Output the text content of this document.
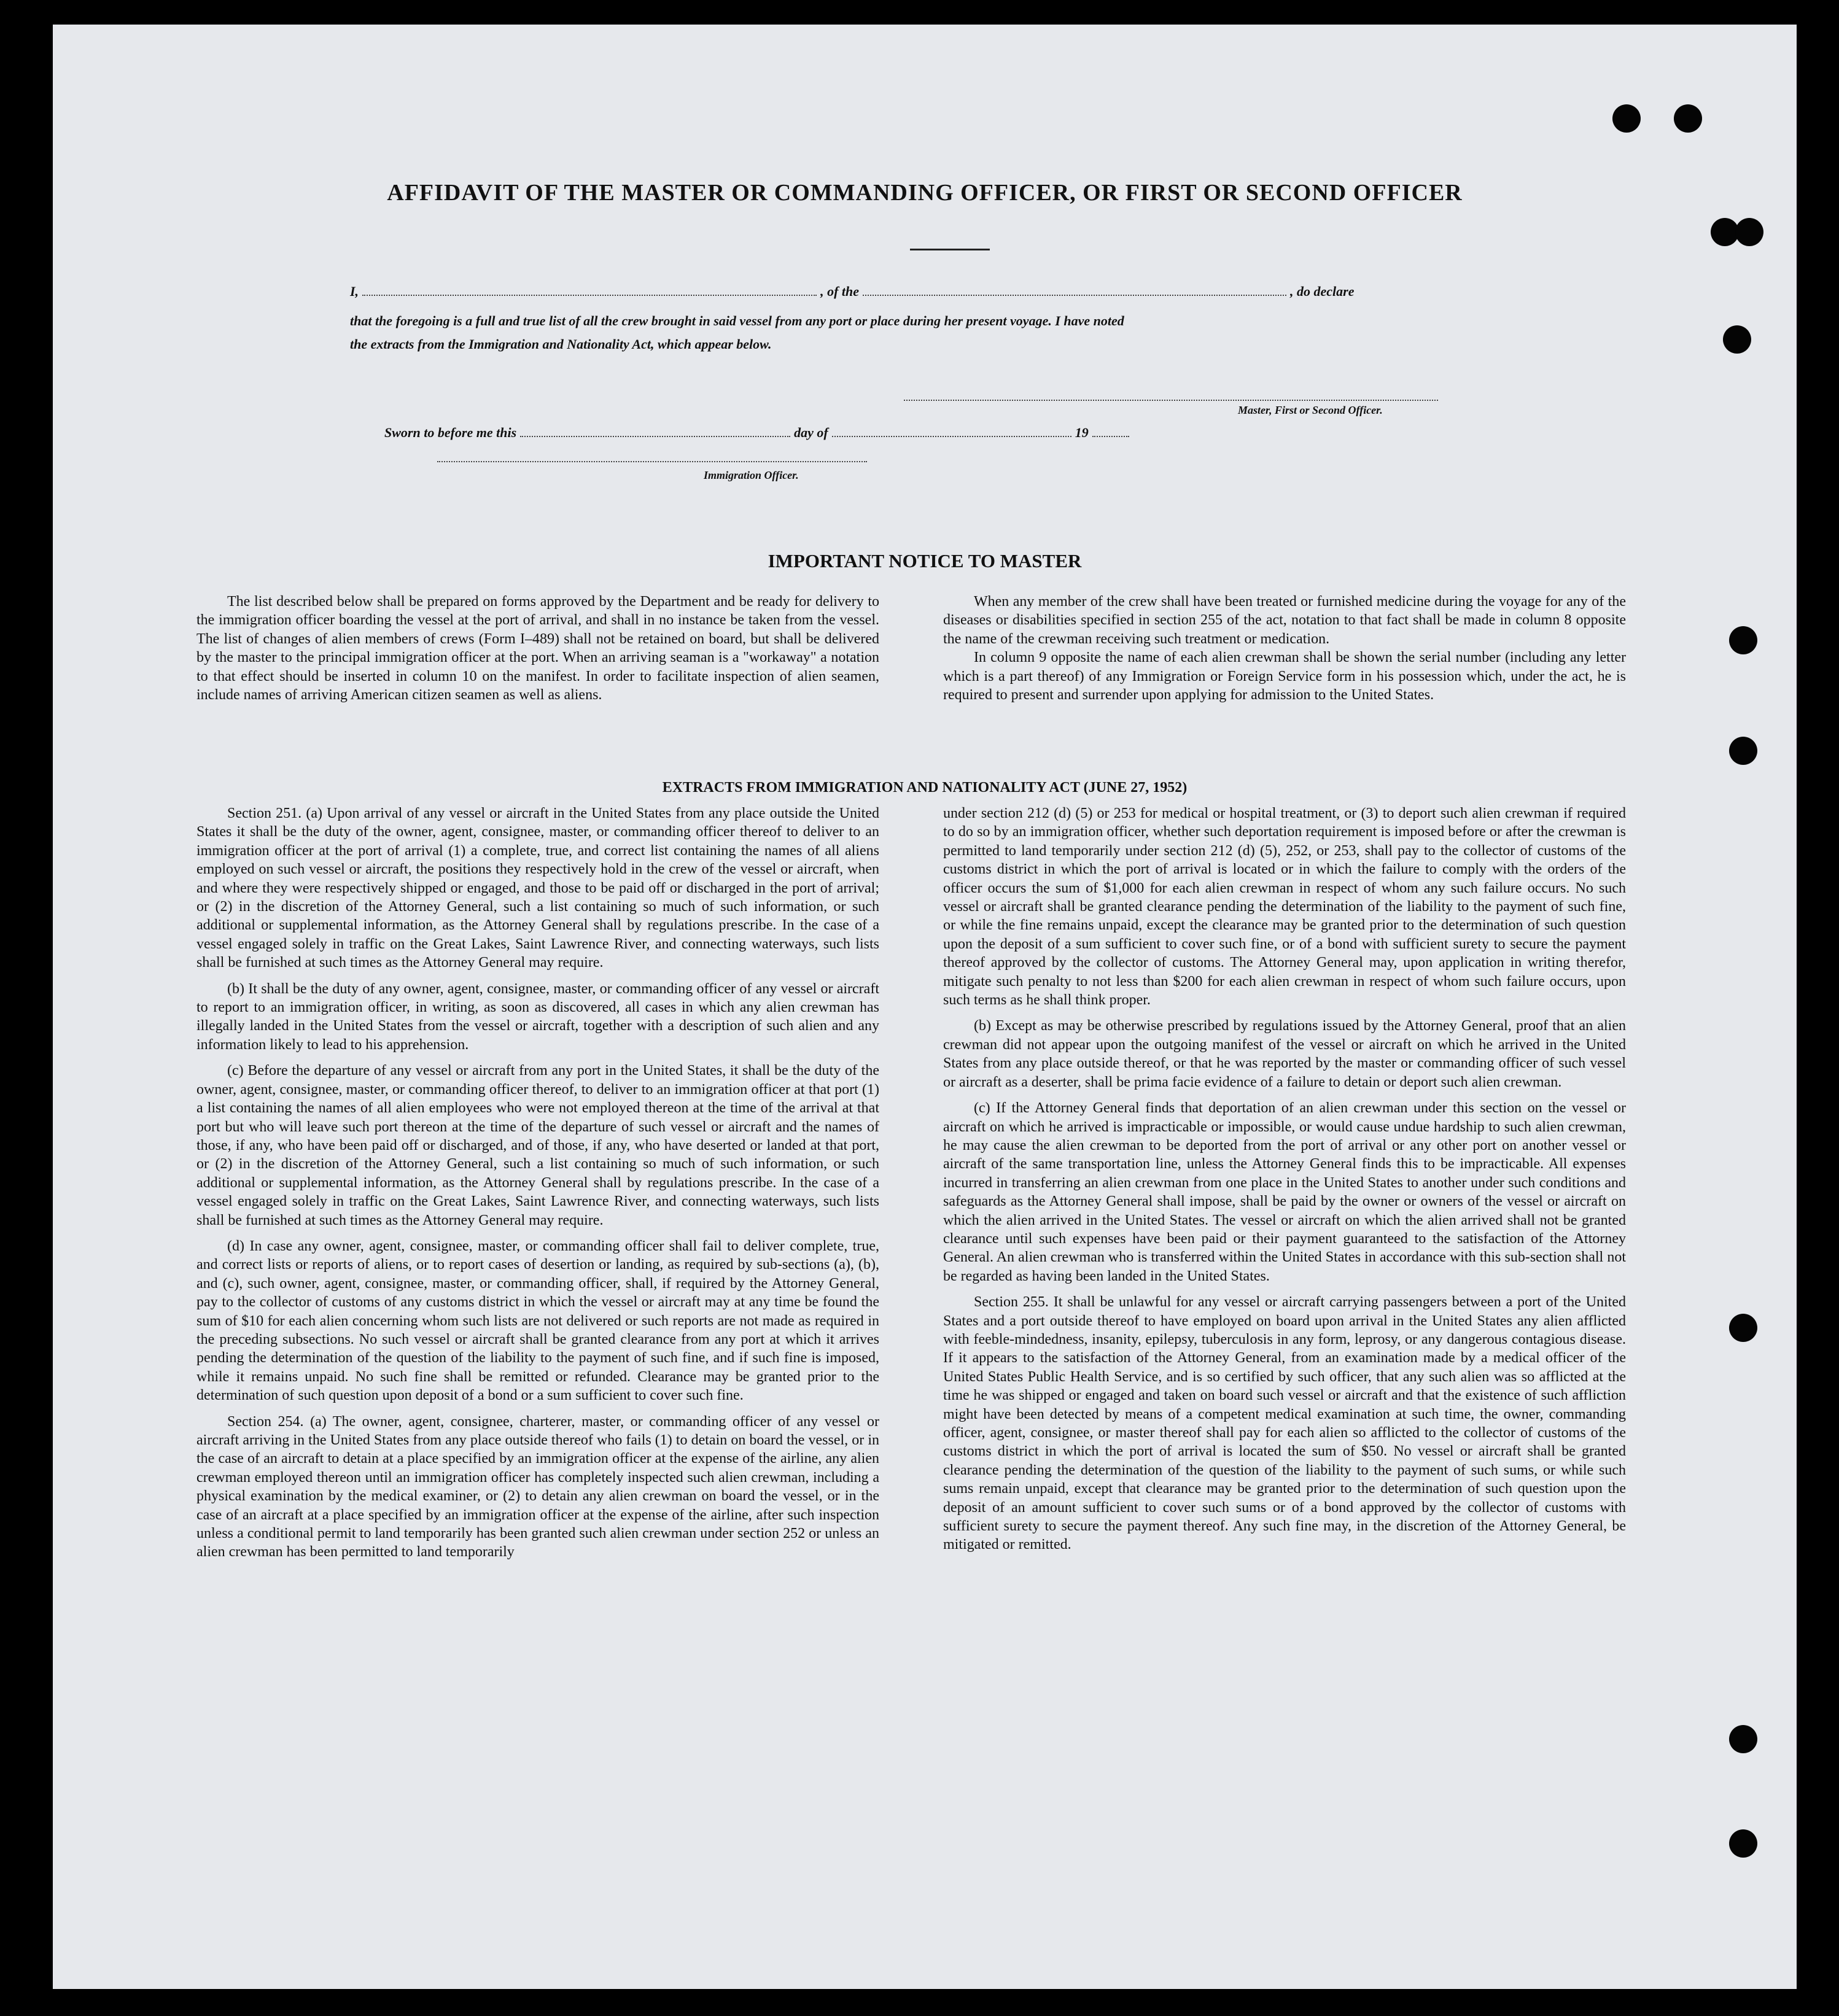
AFFIDAVIT OF THE MASTER OR COMMANDING OFFICER, OR FIRST OR SECOND OFFICER
I,	, of the	, do declare
that the foregoing is a full and true list of all the crew brought in said vessel from any port or place during her present voyage. I have noted
the extracts from the Immigration and Nationality Act, which appear below.
Master, First or Second Officer.
Sworn to before me this	day of	19
Immigration Officer.
IMPORTANT NOTICE TO MASTER

The list described below shall be prepared on forms approved by the Department and be ready for delivery to the immigration officer boarding the vessel at the port of arrival, and shall in no instance be taken from the vessel. The list of changes of alien members of crews (Form I–489) shall not be retained on board, but shall be delivered by the master to the principal immigration officer at the port. When an arriving seaman is a "workaway" a notation to that effect should be inserted in column 10 on the manifest. In order to facilitate inspection of alien seamen, include names of arriving American citizen seamen as well as aliens.

When any member of the crew shall have been treated or furnished medicine during the voyage for any of the diseases or disabilities specified in section 255 of the act, notation to that fact shall be made in column 8 opposite the name of the crewman receiving such treatment or medication.

In column 9 opposite the name of each alien crewman shall be shown the serial number (including any letter which is a part thereof) of any Immigration or Foreign Service form in his possession which, under the act, he is required to present and surrender upon applying for admission to the United States.

EXTRACTS FROM IMMIGRATION AND NATIONALITY ACT (JUNE 27, 1952)

Section 251. (a) Upon arrival of any vessel or aircraft in the United States from any place outside the United States it shall be the duty of the owner, agent, consignee, master, or commanding officer thereof to deliver to an immigration officer at the port of arrival (1) a complete, true, and correct list containing the names of all aliens employed on such vessel or aircraft, the positions they respectively hold in the crew of the vessel or aircraft, when and where they were respectively shipped or engaged, and those to be paid off or discharged in the port of arrival; or (2) in the discretion of the Attorney General, such a list containing so much of such information, or such additional or supplemental information, as the Attorney General shall by regulations prescribe. In the case of a vessel engaged solely in traffic on the Great Lakes, Saint Lawrence River, and connecting waterways, such lists shall be furnished at such times as the Attorney General may require.

(b) It shall be the duty of any owner, agent, consignee, master, or commanding officer of any vessel or aircraft to report to an immigration officer, in writing, as soon as discovered, all cases in which any alien crewman has illegally landed in the United States from the vessel or aircraft, together with a description of such alien and any information likely to lead to his apprehension.

(c) Before the departure of any vessel or aircraft from any port in the United States, it shall be the duty of the owner, agent, consignee, master, or commanding officer thereof, to deliver to an immigration officer at that port (1) a list containing the names of all alien employees who were not employed thereon at the time of the arrival at that port but who will leave such port thereon at the time of the departure of such vessel or aircraft and the names of those, if any, who have been paid off or discharged, and of those, if any, who have deserted or landed at that port, or (2) in the discretion of the Attorney General, such a list containing so much of such information, or such additional or supplemental information, as the Attorney General shall by regulations prescribe. In the case of a vessel engaged solely in traffic on the Great Lakes, Saint Lawrence River, and connecting waterways, such lists shall be furnished at such times as the Attorney General may require.

(d) In case any owner, agent, consignee, master, or commanding officer shall fail to deliver complete, true, and correct lists or reports of aliens, or to report cases of desertion or landing, as required by sub-sections (a), (b), and (c), such owner, agent, consignee, master, or commanding officer, shall, if required by the Attorney General, pay to the collector of customs of any customs district in which the vessel or aircraft may at any time be found the sum of $10 for each alien concerning whom such lists are not delivered or such reports are not made as required in the preceding subsections. No such vessel or aircraft shall be granted clearance from any port at which it arrives pending the determination of the question of the liability to the payment of such fine, and if such fine is imposed, while it remains unpaid. No such fine shall be remitted or refunded. Clearance may be granted prior to the determination of such question upon deposit of a bond or a sum sufficient to cover such fine.

Section 254. (a) The owner, agent, consignee, charterer, master, or commanding officer of any vessel or aircraft arriving in the United States from any place outside thereof who fails (1) to detain on board the vessel, or in the case of an aircraft to detain at a place specified by an immigration officer at the expense of the airline, any alien crewman employed thereon until an immigration officer has completely inspected such alien crewman, including a physical examination by the medical examiner, or (2) to detain any alien crewman on board the vessel, or in the case of an aircraft at a place specified by an immigration officer at the expense of the airline, after such inspection unless a conditional permit to land temporarily has been granted such alien crewman under section 252 or unless an alien crewman has been permitted to land temporarily

under section 212 (d) (5) or 253 for medical or hospital treatment, or (3) to deport such alien crewman if required to do so by an immigration officer, whether such deportation requirement is imposed before or after the crewman is permitted to land temporarily under section 212 (d) (5), 252, or 253, shall pay to the collector of customs of the customs district in which the port of arrival is located or in which the failure to comply with the orders of the officer occurs the sum of $1,000 for each alien crewman in respect of whom any such failure occurs. No such vessel or aircraft shall be granted clearance pending the determination of the liability to the payment of such fine, or while the fine remains unpaid, except the clearance may be granted prior to the determination of such question upon the deposit of a sum sufficient to cover such fine, or of a bond with sufficient surety to secure the payment thereof approved by the collector of customs. The Attorney General may, upon application in writing therefor, mitigate such penalty to not less than $200 for each alien crewman in respect of whom such failure occurs, upon such terms as he shall think proper.

(b) Except as may be otherwise prescribed by regulations issued by the Attorney General, proof that an alien crewman did not appear upon the outgoing manifest of the vessel or aircraft on which he arrived in the United States from any place outside thereof, or that he was reported by the master or commanding officer of such vessel or aircraft as a deserter, shall be prima facie evidence of a failure to detain or deport such alien crewman.

(c) If the Attorney General finds that deportation of an alien crewman under this section on the vessel or aircraft on which he arrived is impracticable or impossible, or would cause undue hardship to such alien crewman, he may cause the alien crewman to be deported from the port of arrival or any other port on another vessel or aircraft of the same transportation line, unless the Attorney General finds this to be impracticable. All expenses incurred in transferring an alien crewman from one place in the United States to another under such conditions and safeguards as the Attorney General shall impose, shall be paid by the owner or owners of the vessel or aircraft on which the alien arrived in the United States. The vessel or aircraft on which the alien arrived shall not be granted clearance until such expenses have been paid or their payment guaranteed to the satisfaction of the Attorney General. An alien crewman who is transferred within the United States in accordance with this sub-section shall not be regarded as having been landed in the United States.

Section 255. It shall be unlawful for any vessel or aircraft carrying passengers between a port of the United States and a port outside thereof to have employed on board upon arrival in the United States any alien afflicted with feeble-mindedness, insanity, epilepsy, tuberculosis in any form, leprosy, or any dangerous contagious disease. If it appears to the satisfaction of the Attorney General, from an examination made by a medical officer of the United States Public Health Service, and is so certified by such officer, that any such alien was so afflicted at the time he was shipped or engaged and taken on board such vessel or aircraft and that the existence of such affliction might have been detected by means of a competent medical examination at such time, the owner, commanding officer, agent, consignee, or master thereof shall pay for each alien so afflicted to the collector of customs of the customs district in which the port of arrival is located the sum of $50. No vessel or aircraft shall be granted clearance pending the determination of the question of the liability to the payment of such sums, or while such sums remain unpaid, except that clearance may be granted prior to the determination of such question upon the deposit of an amount sufficient to cover such sums or of a bond approved by the collector of customs with sufficient surety to secure the payment thereof. Any such fine may, in the discretion of the Attorney General, be mitigated or remitted.
